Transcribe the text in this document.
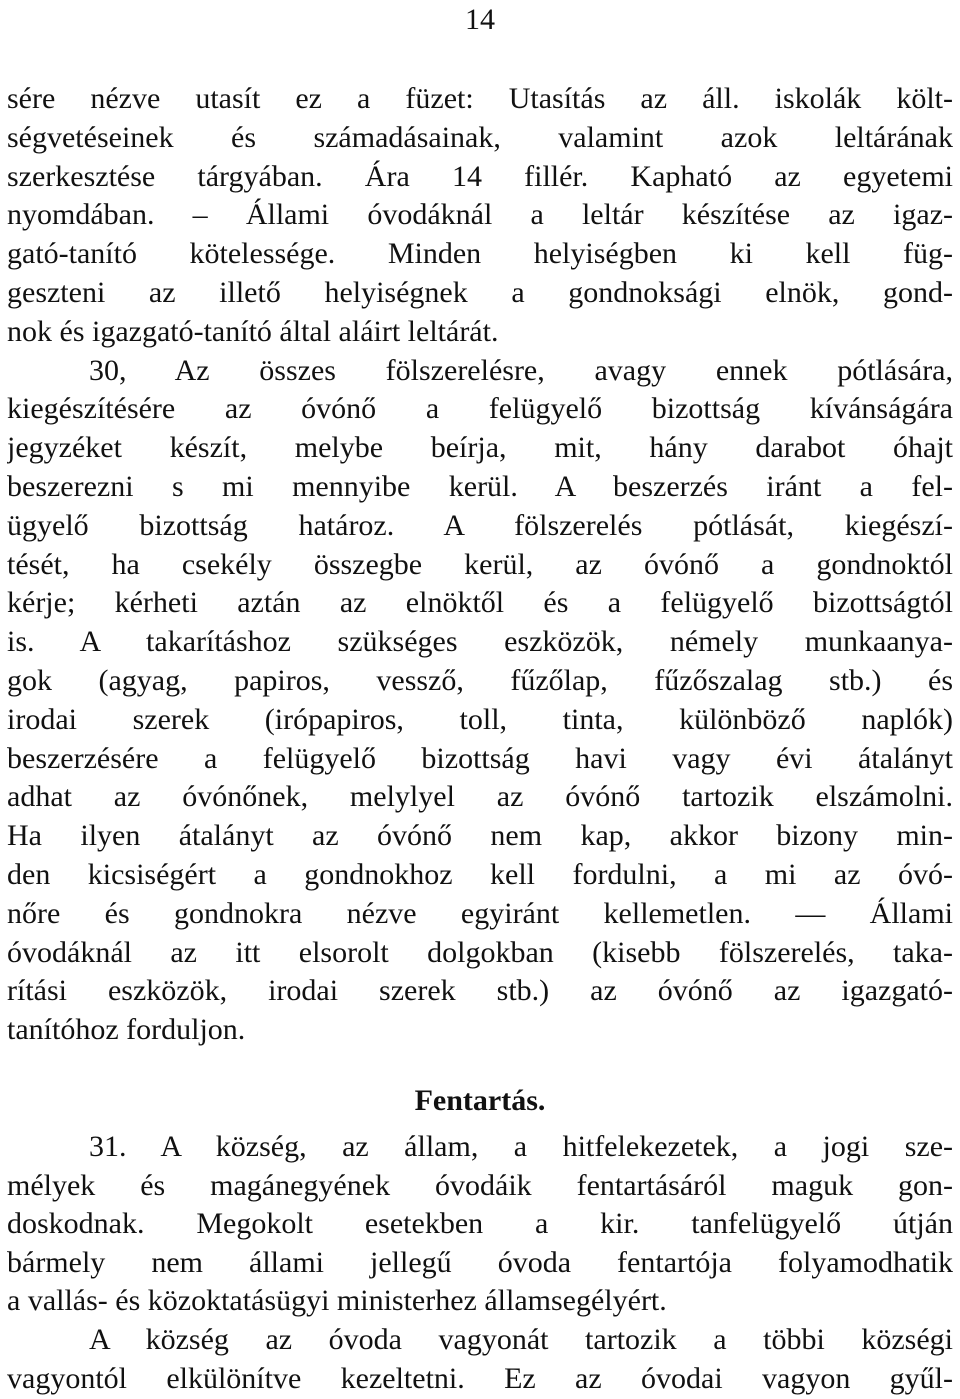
14

sére nézve utasít ez a füzet: Utasítás az áll. iskolák költ-
ségvetéseinek és számadásainak, valamint azok leltárának
szerkesztése tárgyában. Ára 14 fillér. Kapható az egyetemi
nyomdában. – Állami óvodáknál a leltár készítése az igaz-
gató-tanító kötelessége. Minden helyiségben ki kell füg-
geszteni az illető helyiségnek a gondnoksági elnök, gond-
nok és igazgató-tanító által aláirt leltárát.
30, Az összes fölszerelésre, avagy ennek pótlására,
kiegészítésére az óvónő a felügyelő bizottság kívánságára
jegyzéket készít, melybe beírja, mit, hány darabot óhajt
beszerezni s mi mennyibe kerül. A beszerzés iránt a fel-
ügyelő bizottság határoz. A fölszerelés pótlását, kiegészí-
tését, ha csekély összegbe kerül, az óvónő a gondnoktól
kérje; kérheti aztán az elnöktől és a felügyelő bizottságtól
is. A takarításhoz szükséges eszközök, némely munkaanya-
gok (agyag, papiros, vessző, fűzőlap, fűzőszalag stb.) és
irodai szerek (irópapiros, toll, tinta, különböző naplók)
beszerzésére a felügyelő bizottság havi vagy évi átalányt
adhat az óvónőnek, melylyel az óvónő tartozik elszámolni.
Ha ilyen átalányt az óvónő nem kap, akkor bizony min-
den kicsiségért a gondnokhoz kell fordulni, a mi az óvó-
nőre és gondnokra nézve egyiránt kellemetlen. — Állami
óvodáknál az itt elsorolt dolgokban (kisebb fölszerelés, taka-
rítási eszközök, irodai szerek stb.) az óvónő az igazgató-
tanítóhoz forduljon.
Fentartás.
31. A község, az állam, a hitfelekezetek, a jogi sze-
mélyek és magánegyének óvodáik fentartásáról maguk gon-
doskodnak. Megokolt esetekben a kir. tanfelügyelő útján
bármely nem állami jellegű óvoda fentartója folyamodhatik
a vallás- és közoktatásügyi ministerhez államsegélyért.
A község az óvoda vagyonát tartozik a többi községi
vagyontól elkülönítve kezeltetni. Ez az óvodai vagyon gyűl-
